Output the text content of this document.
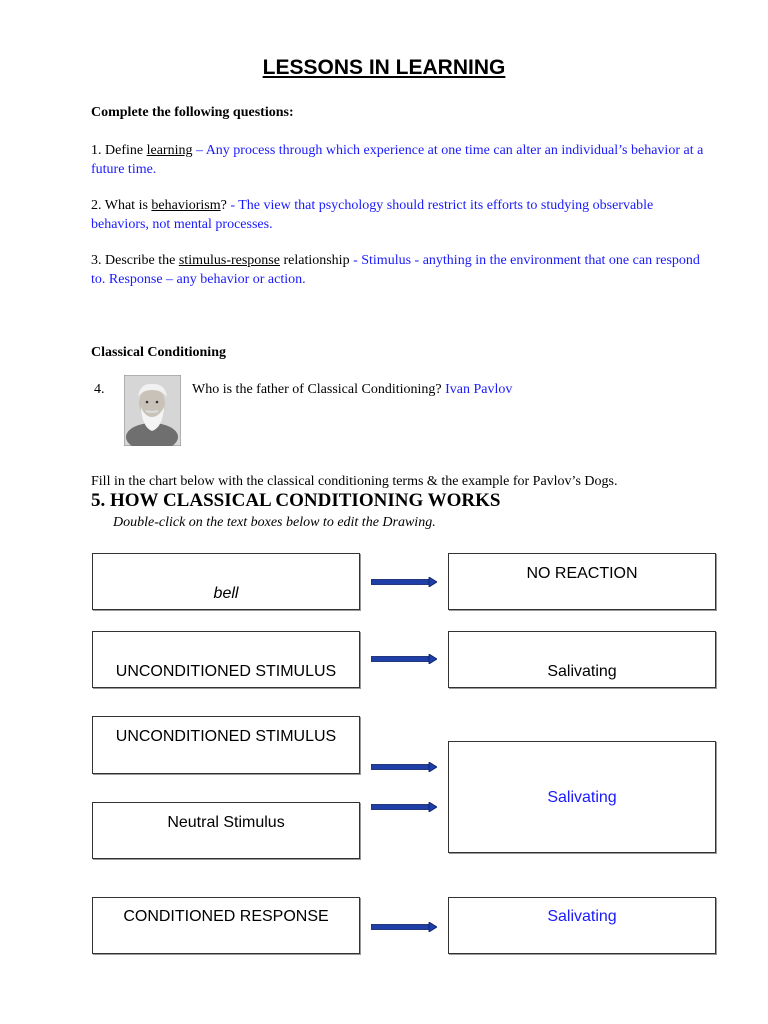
LESSONS IN LEARNING
Complete the following questions:
1. Define learning – Any process through which experience at one time can alter an individual’s behavior at a future time.
2. What is behaviorism? - The view that psychology should restrict its efforts to studying observable behaviors, not mental processes.
3. Describe the stimulus-response relationship - Stimulus - anything in the environment that one can respond to. Response – any behavior or action.
Classical Conditioning
4.	Who is the father of Classical Conditioning? Ivan Pavlov
Fill in the chart below with the classical conditioning terms & the example for Pavlov’s Dogs.
5. HOW CLASSICAL CONDITIONING WORKS
Double-click on the text boxes below to edit the Drawing.
bell
NO REACTION
UNCONDITIONED STIMULUS	Salivating
UNCONDITIONED STIMULUS
Neutral Stimulus
Salivating
CONDITIONED RESPONSE	Salivating
